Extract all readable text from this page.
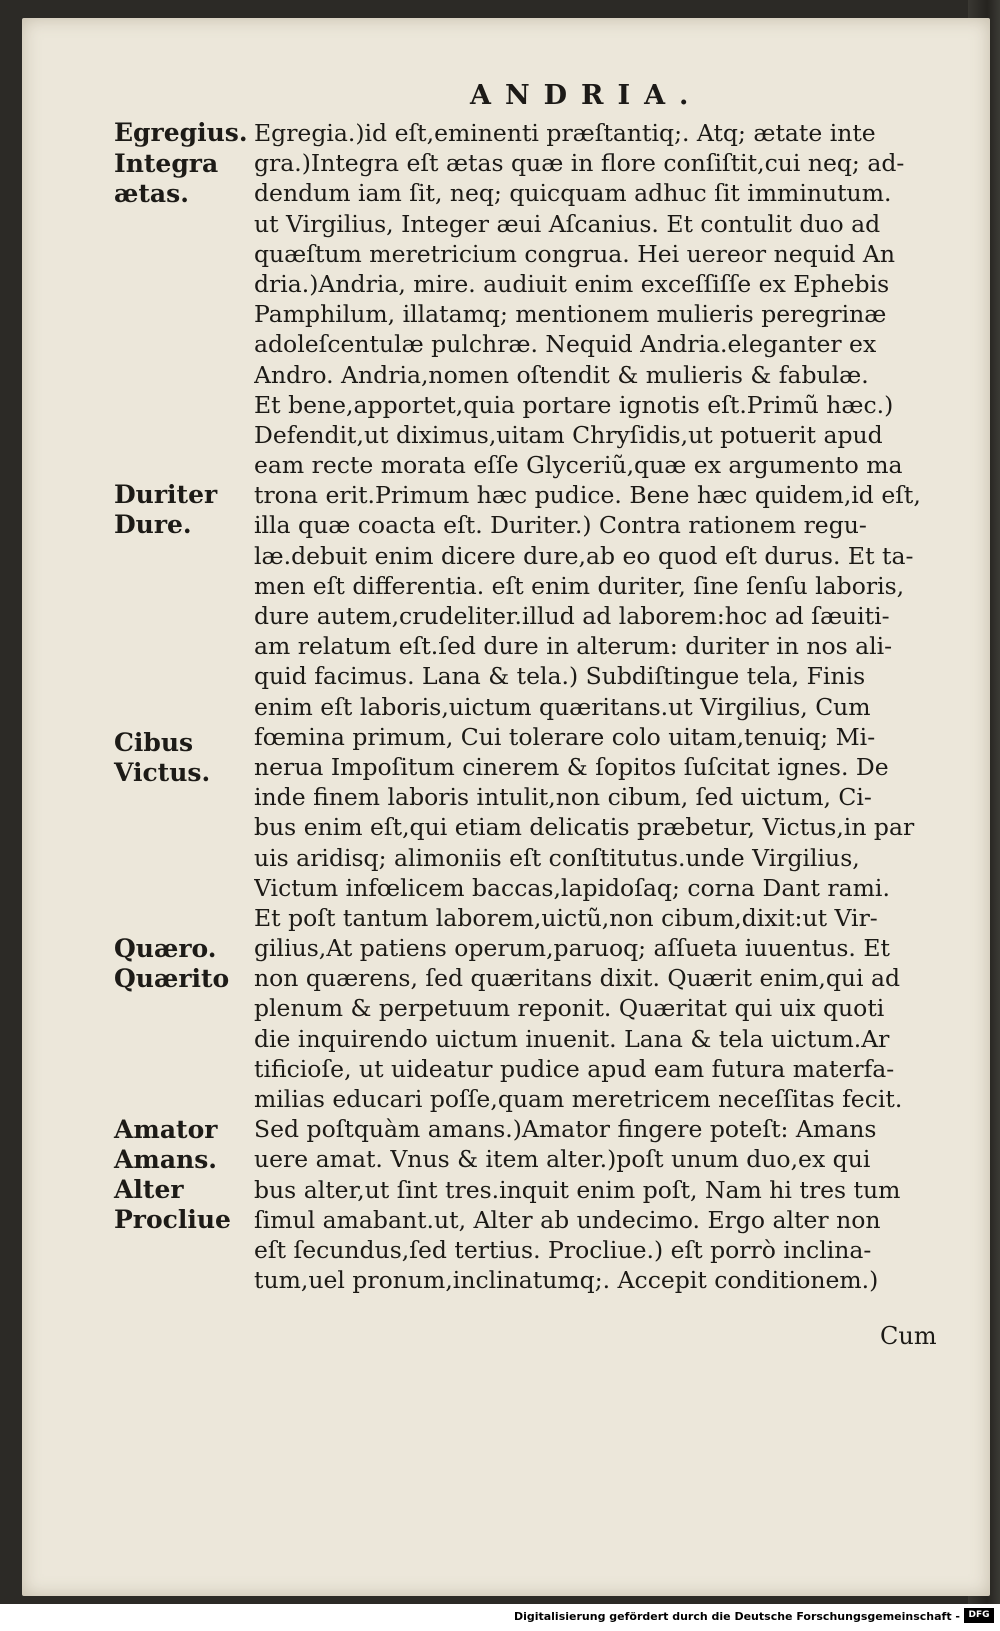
ANDRIA.
Egregius.
Integra
ætas.
Duriter
Dure.
Cibus
Victus.
Quæro.
Quærito
Amator
Amans.
Alter
Procliue
Egregia.)id eſt,eminenti præſtantiq;. Atq; ætate inte
gra.)Integra eſt ætas quæ in flore conſiſtit,cui neq; ad-
dendum iam ſit, neq; quicquam adhuc ſit imminutum.
ut Virgilius, Integer æui Aſcanius. Et contulit duo ad
quæſtum meretricium congrua. Hei uereor nequid An
dria.)Andria, mire. audiuit enim exceſſiſſe ex Ephebis
Pamphilum, illatamq; mentionem mulieris peregrinæ
adoleſcentulæ pulchræ. Nequid Andria.eleganter ex
Andro. Andria,nomen oſtendit & mulieris & fabulæ.
Et bene,apportet,quia portare ignotis eſt.Primũ hæc.)
Defendit,ut diximus,uitam Chryſidis,ut potuerit apud
eam recte morata eſſe Glyceriũ,quæ ex argumento ma
trona erit.Primum hæc pudice. Bene hæc quidem,id eſt,
illa quæ coacta eſt. Duriter.) Contra rationem regu-
læ.debuit enim dicere dure,ab eo quod eſt durus. Et ta-
men eſt differentia. eſt enim duriter, ſine ſenſu laboris,
dure autem,crudeliter.illud ad laborem:hoc ad ſæuiti-
am relatum eſt.ſed dure in alterum: duriter in nos ali-
quid facimus. Lana & tela.) Subdiſtingue tela, Finis
enim eſt laboris,uictum quæritans.ut Virgilius, Cum
fœmina primum, Cui tolerare colo uitam,tenuiq; Mi-
nerua Impoſitum cinerem & ſopitos ſuſcitat ignes. De
inde finem laboris intulit,non cibum, ſed uictum, Ci-
bus enim eſt,qui etiam delicatis præbetur, Victus,in par
uis aridisq; alimoniis eſt conſtitutus.unde Virgilius,
Victum infœlicem baccas,lapidoſaq; corna Dant rami.
Et poſt tantum laborem,uictũ,non cibum,dixit:ut Vir-
gilius,At patiens operum,paruoq; aſſueta iuuentus. Et
non quærens, ſed quæritans dixit. Quærit enim,qui ad
plenum & perpetuum reponit. Quæritat qui uix quoti
die inquirendo uictum inuenit. Lana & tela uictum.Ar
tificioſe, ut uideatur pudice apud eam futura materfa-
milias educari poſſe,quam meretricem neceſſitas fecit.
Sed poſtquàm amans.)Amator fingere poteſt: Amans
uere amat. Vnus & item alter.)poſt unum duo,ex qui
bus alter,ut ſint tres.inquit enim poſt, Nam hi tres tum
ſimul amabant.ut, Alter ab undecimo. Ergo alter non
eſt ſecundus,ſed tertius. Procliue.) eſt porrò inclina-
tum,uel pronum,inclinatumq;. Accepit conditionem.)
Cum
Digitalisierung gefördert durch die Deutsche Forschungsgemeinschaft - DFG
